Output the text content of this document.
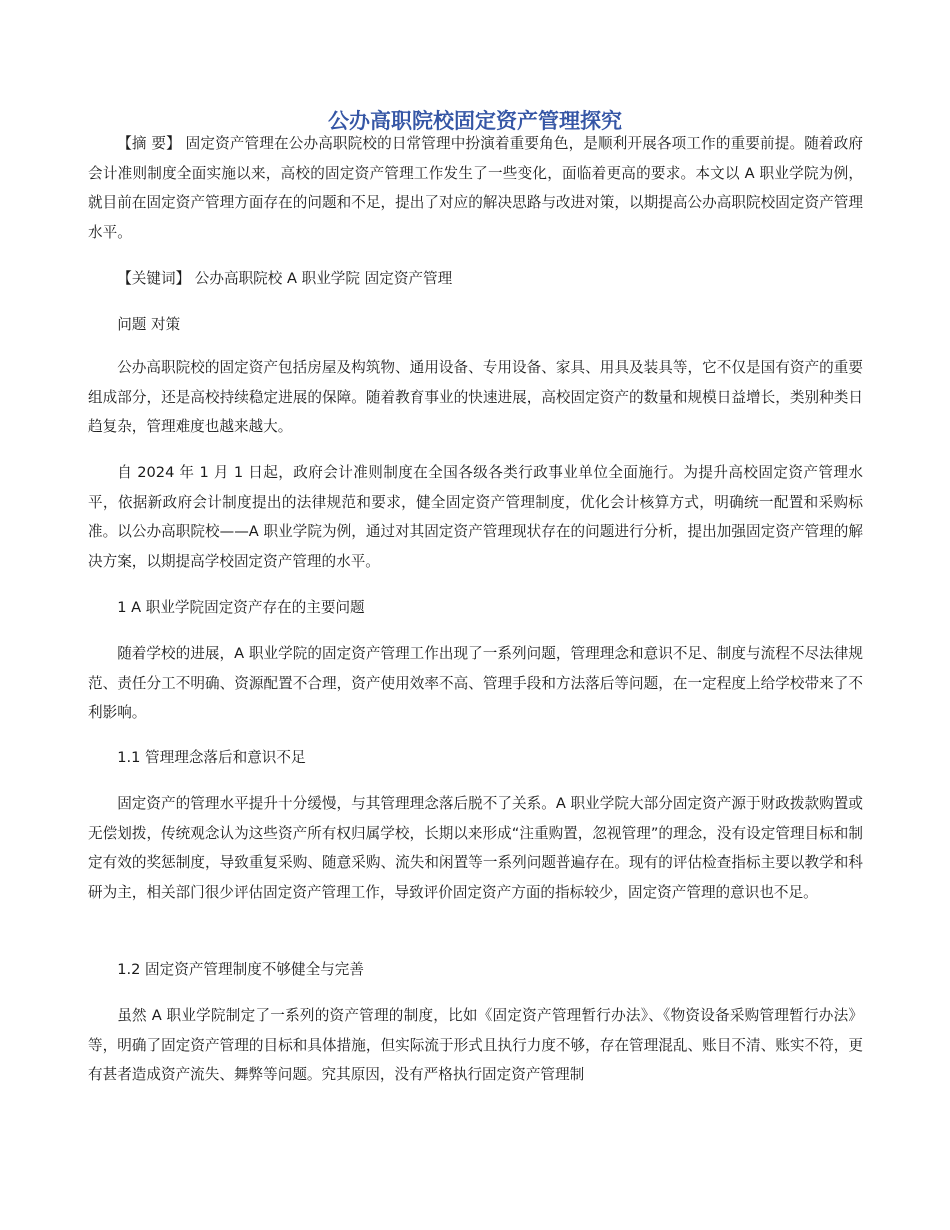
公办高职院校固定资产管理探究

【摘 要】 固定资产管理在公办高职院校的日常管理中扮演着重要角色，是顺利开展各项工作的重要前提。随着政府会计准则制度全面实施以来，高校的固定资产管理工作发生了一些变化，面临着更高的要求。本文以 A 职业学院为例，就目前在固定资产管理方面存在的问题和不足，提出了对应的解决思路与改进对策，以期提高公办高职院校固定资产管理水平。

【关键词】 公办高职院校 A 职业学院 固定资产管理

问题 对策

公办高职院校的固定资产包括房屋及构筑物、通用设备、专用设备、家具、用具及装具等，它不仅是国有资产的重要组成部分，还是高校持续稳定进展的保障。随着教育事业的快速进展，高校固定资产的数量和规模日益增长，类别种类日趋复杂，管理难度也越来越大。

自 2024 年 1 月 1 日起，政府会计准则制度在全国各级各类行政事业单位全面施行。为提升高校固定资产管理水平，依据新政府会计制度提出的法律规范和要求，健全固定资产管理制度，优化会计核算方式，明确统一配置和采购标准。以公办高职院校——A 职业学院为例，通过对其固定资产管理现状存在的问题进行分析，提出加强固定资产管理的解决方案，以期提高学校固定资产管理的水平。

1 A 职业学院固定资产存在的主要问题

随着学校的进展，A 职业学院的固定资产管理工作出现了一系列问题，管理理念和意识不足、制度与流程不尽法律规范、责任分工不明确、资源配置不合理，资产使用效率不高、管理手段和方法落后等问题，在一定程度上给学校带来了不利影响。

1.1 管理理念落后和意识不足

固定资产的管理水平提升十分缓慢，与其管理理念落后脱不了关系。A 职业学院大部分固定资产源于财政拨款购置或无偿划拨，传统观念认为这些资产所有权归属学校，长期以来形成“注重购置，忽视管理”的理念，没有设定管理目标和制定有效的奖惩制度，导致重复采购、随意采购、流失和闲置等一系列问题普遍存在。现有的评估检查指标主要以教学和科研为主，相关部门很少评估固定资产管理工作，导致评价固定资产方面的指标较少，固定资产管理的意识也不足。

1.2 固定资产管理制度不够健全与完善

虽然 A 职业学院制定了一系列的资产管理的制度，比如《固定资产管理暂行办法》、《物资设备采购管理暂行办法》等，明确了固定资产管理的目标和具体措施，但实际流于形式且执行力度不够，存在管理混乱、账目不清、账实不符，更有甚者造成资产流失、舞弊等问题。究其原因，没有严格执行固定资产管理制
